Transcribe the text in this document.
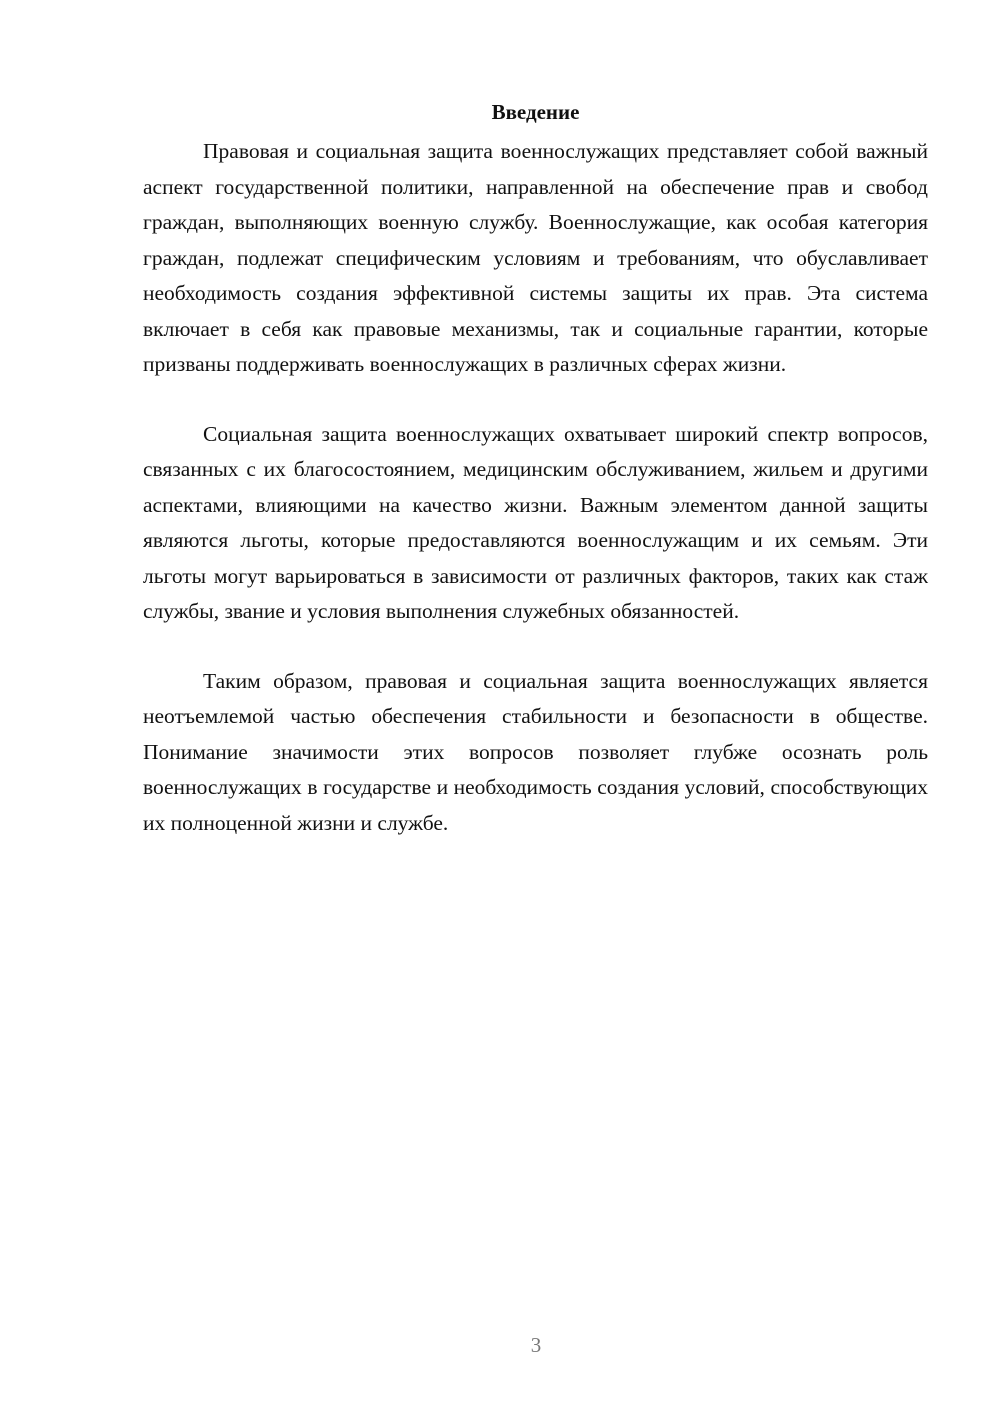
Введение

Правовая и социальная защита военнослужащих представляет собой важный аспект государственной политики, направленной на обеспечение прав и свобод граждан, выполняющих военную службу. Военнослужащие, как особая категория граждан, подлежат специфическим условиям и требованиям, что обуславливает необходимость создания эффективной системы защиты их прав. Эта система включает в себя как правовые механизмы, так и социальные гарантии, которые призваны поддерживать военнослужащих в различных сферах жизни.

Социальная защита военнослужащих охватывает широкий спектр вопросов, связанных с их благосостоянием, медицинским обслуживанием, жильем и другими аспектами, влияющими на качество жизни. Важным элементом данной защиты являются льготы, которые предоставляются военнослужащим и их семьям. Эти льготы могут варьироваться в зависимости от различных факторов, таких как стаж службы, звание и условия выполнения служебных обязанностей.

Таким образом, правовая и социальная защита военнослужащих является неотъемлемой частью обеспечения стабильности и безопасности в обществе. Понимание значимости этих вопросов позволяет глубже осознать роль военнослужащих в государстве и необходимость создания условий, способствующих их полноценной жизни и службе.

3
